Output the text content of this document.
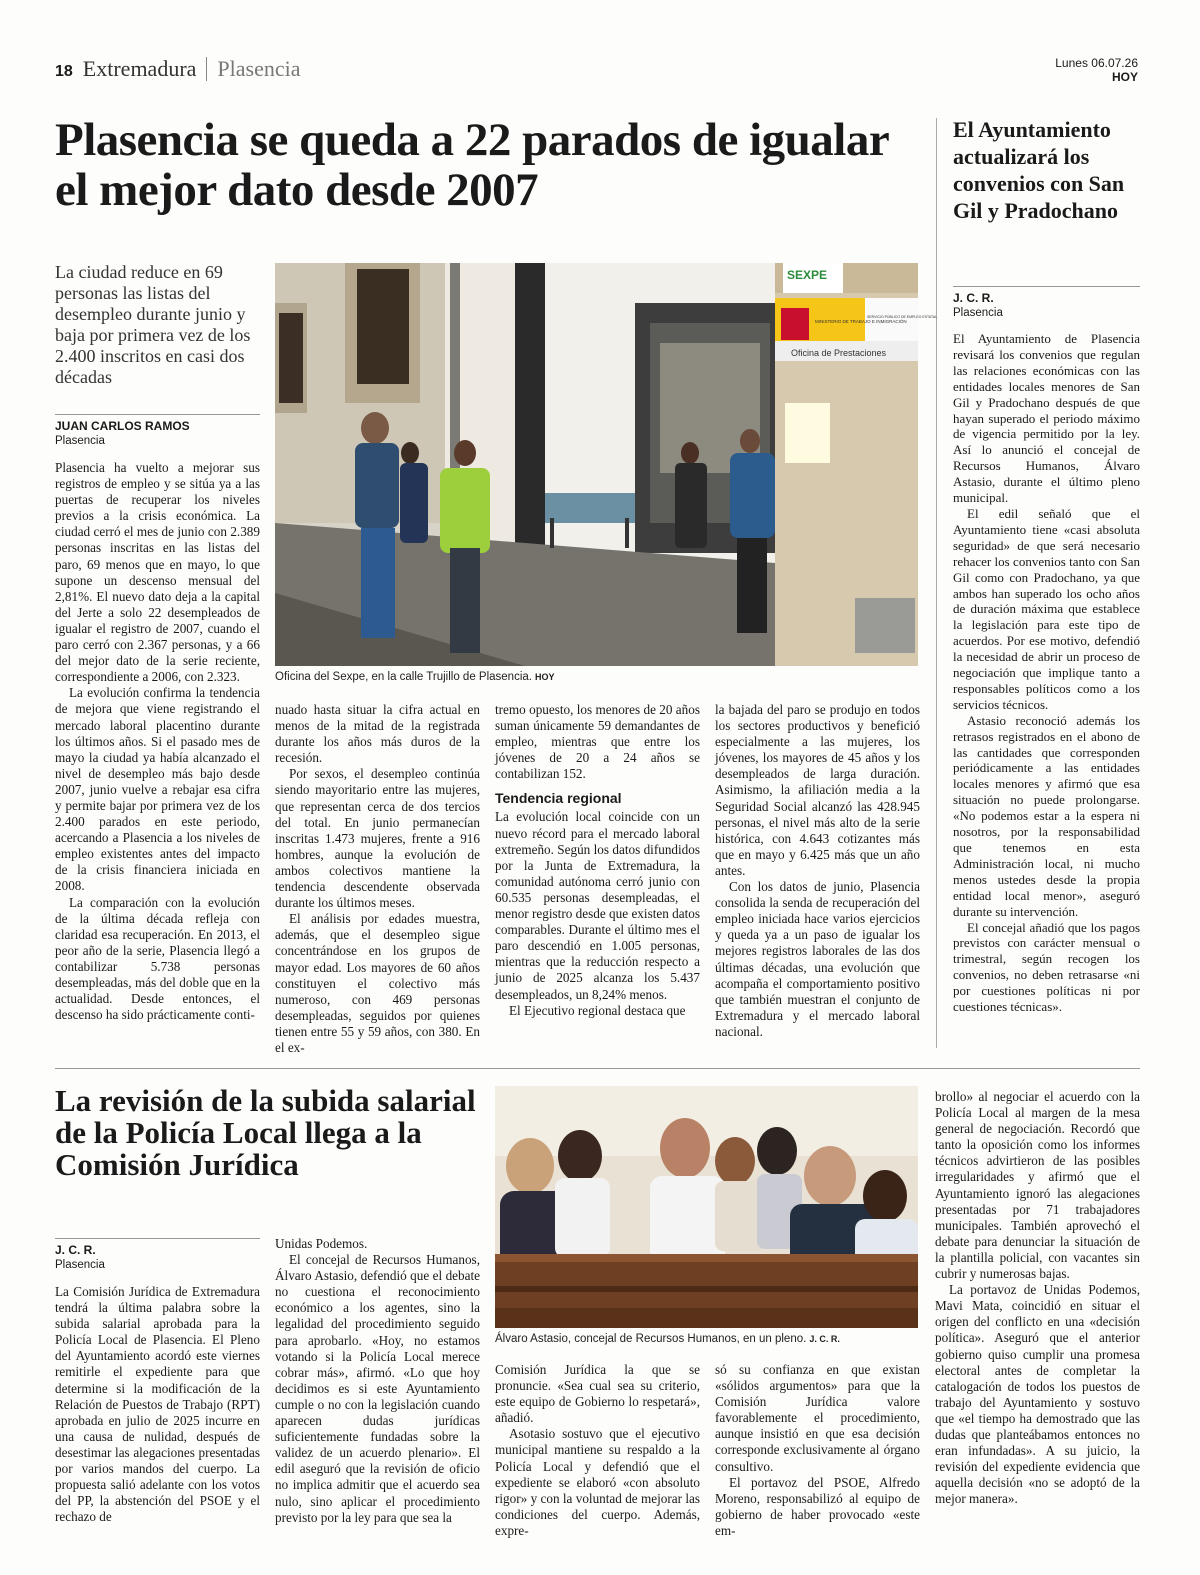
18 Extremadura Plasencia	Lunes 06.07.26
HOY
Plasencia se queda a 22 parados de igualar el mejor dato desde 2007
El Ayuntamiento actualizará los convenios con San Gil y Pradochano
J. C. R.
Plasencia

El Ayuntamiento de Plasencia revisará los convenios que regulan las relaciones económicas con las entidades locales menores de San Gil y Pradochano después de que hayan superado el periodo máximo de vigencia permitido por la ley. Así lo anunció el concejal de Recursos Humanos, Álvaro Astasio, durante el último pleno municipal.

El edil señaló que el Ayuntamiento tiene «casi absoluta seguridad» de que será necesario rehacer los convenios tanto con San Gil como con Pradochano, ya que ambos han superado los ocho años de duración máxima que establece la legislación para este tipo de acuerdos. Por ese motivo, defendió la necesidad de abrir un proceso de negociación que implique tanto a responsables políticos como a los servicios técnicos.

Astasio reconoció además los retrasos registrados en el abono de las cantidades que corresponden periódicamente a las entidades locales menores y afirmó que esa situación no puede prolongarse. «No podemos estar a la espera ni nosotros, por la responsabilidad que tenemos en esta Administración local, ni mucho menos ustedes desde la propia entidad local menor», aseguró durante su intervención.

El concejal añadió que los pagos previstos con carácter mensual o trimestral, según recogen los convenios, no deben retrasarse «ni por cuestiones políticas ni por cuestiones técnicas».

La ciudad reduce en 69 personas las listas del desempleo durante junio y baja por primera vez de los 2.400 inscritos en casi dos décadas
JUAN CARLOS RAMOS
Plasencia

Plasencia ha vuelto a mejorar sus registros de empleo y se sitúa ya a las puertas de recuperar los niveles previos a la crisis económica. La ciudad cerró el mes de junio con 2.389 personas inscritas en las listas del paro, 69 menos que en mayo, lo que supone un descenso mensual del 2,81%. El nuevo dato deja a la capital del Jerte a solo 22 desempleados de igualar el registro de 2007, cuando el paro cerró con 2.367 personas, y a 66 del mejor dato de la serie reciente, correspondiente a 2006, con 2.323.

La evolución confirma la tendencia de mejora que viene registrando el mercado laboral placentino durante los últimos años. Si el pasado mes de mayo la ciudad ya había alcanzado el nivel de desempleo más bajo desde 2007, junio vuelve a rebajar esa cifra y permite bajar por primera vez de los 2.400 parados en este periodo, acercando a Plasencia a los niveles de empleo existentes antes del impacto de la crisis financiera iniciada en 2008.

La comparación con la evolución de la última década refleja con claridad esa recuperación. En 2013, el peor año de la serie, Plasencia llegó a contabilizar 5.738 personas desempleadas, más del doble que en la actualidad. Desde entonces, el descenso ha sido prácticamente conti-

SEXPE
MINISTERIO DE TRABAJO E INMIGRACIÓN
SERVICIO PÚBLICO DE EMPLEO ESTATAL
Oficina de Prestaciones
Oficina del Sexpe, en la calle Trujillo de Plasencia. HOY

nuado hasta situar la cifra actual en menos de la mitad de la registrada durante los años más duros de la recesión.

Por sexos, el desempleo continúa siendo mayoritario entre las mujeres, que representan cerca de dos tercios del total. En junio permanecían inscritas 1.473 mujeres, frente a 916 hombres, aunque la evolución de ambos colectivos mantiene la tendencia descendente observada durante los últimos meses.

El análisis por edades muestra, además, que el desempleo sigue concentrándose en los grupos de mayor edad. Los mayores de 60 años constituyen el colectivo más numeroso, con 469 personas desempleadas, seguidos por quienes tienen entre 55 y 59 años, con 380. En el ex-

tremo opuesto, los menores de 20 años suman únicamente 59 demandantes de empleo, mientras que entre los jóvenes de 20 a 24 años se contabilizan 152.

Tendencia regional

La evolución local coincide con un nuevo récord para el mercado laboral extremeño. Según los datos difundidos por la Junta de Extremadura, la comunidad autónoma cerró junio con 60.535 personas desempleadas, el menor registro desde que existen datos comparables. Durante el último mes el paro descendió en 1.005 personas, mientras que la reducción respecto a junio de 2025 alcanza los 5.437 desempleados, un 8,24% menos.

El Ejecutivo regional destaca que

la bajada del paro se produjo en todos los sectores productivos y benefició especialmente a las mujeres, los jóvenes, los mayores de 45 años y los desempleados de larga duración. Asimismo, la afiliación media a la Seguridad Social alcanzó las 428.945 personas, el nivel más alto de la serie histórica, con 4.643 cotizantes más que en mayo y 6.425 más que un año antes.

Con los datos de junio, Plasencia consolida la senda de recuperación del empleo iniciada hace varios ejercicios y queda ya a un paso de igualar los mejores registros laborales de las dos últimas décadas, una evolución que acompaña el comportamiento positivo que también muestran el conjunto de Extremadura y el mercado laboral nacional.

La revisión de la subida salarial de la Policía Local llega a la Comisión Jurídica
J. C. R.
Plasencia

La Comisión Jurídica de Extremadura tendrá la última palabra sobre la subida salarial aprobada para la Policía Local de Plasencia. El Pleno del Ayuntamiento acordó este viernes remitirle el expediente para que determine si la modificación de la Relación de Puestos de Trabajo (RPT) aprobada en julio de 2025 incurre en una causa de nulidad, después de desestimar las alegaciones presentadas por varios mandos del cuerpo. La propuesta salió adelante con los votos del PP, la abstención del PSOE y el rechazo de

Unidas Podemos.

El concejal de Recursos Humanos, Álvaro Astasio, defendió que el debate no cuestiona el reconocimiento económico a los agentes, sino la legalidad del procedimiento seguido para aprobarlo. «Hoy, no estamos votando si la Policía Local merece cobrar más», afirmó. «Lo que hoy decidimos es si este Ayuntamiento cumple o no con la legislación cuando aparecen dudas jurídicas suficientemente fundadas sobre la validez de un acuerdo plenario». El edil aseguró que la revisión de oficio no implica admitir que el acuerdo sea nulo, sino aplicar el procedimiento previsto por la ley para que sea la

Álvaro Astasio, concejal de Recursos Humanos, en un pleno. J. C. R.

Comisión Jurídica la que se pronuncie. «Sea cual sea su criterio, este equipo de Gobierno lo respetará», añadió.

Asotasio sostuvo que el ejecutivo municipal mantiene su respaldo a la Policía Local y defendió que el expediente se elaboró «con absoluto rigor» y con la voluntad de mejorar las condiciones del cuerpo. Además, expre-

só su confianza en que existan «sólidos argumentos» para que la Comisión Jurídica valore favorablemente el procedimiento, aunque insistió en que esa decisión corresponde exclusivamente al órgano consultivo.

El portavoz del PSOE, Alfredo Moreno, responsabilizó al equipo de gobierno de haber provocado «este em-

brollo» al negociar el acuerdo con la Policía Local al margen de la mesa general de negociación. Recordó que tanto la oposición como los informes técnicos advirtieron de las posibles irregularidades y afirmó que el Ayuntamiento ignoró las alegaciones presentadas por 71 trabajadores municipales. También aprovechó el debate para denunciar la situación de la plantilla policial, con vacantes sin cubrir y numerosas bajas.

La portavoz de Unidas Podemos, Mavi Mata, coincidió en situar el origen del conflicto en una «decisión política». Aseguró que el anterior gobierno quiso cumplir una promesa electoral antes de completar la catalogación de todos los puestos de trabajo del Ayuntamiento y sostuvo que «el tiempo ha demostrado que las dudas que planteábamos entonces no eran infundadas». A su juicio, la revisión del expediente evidencia que aquella decisión «no se adoptó de la mejor manera».
